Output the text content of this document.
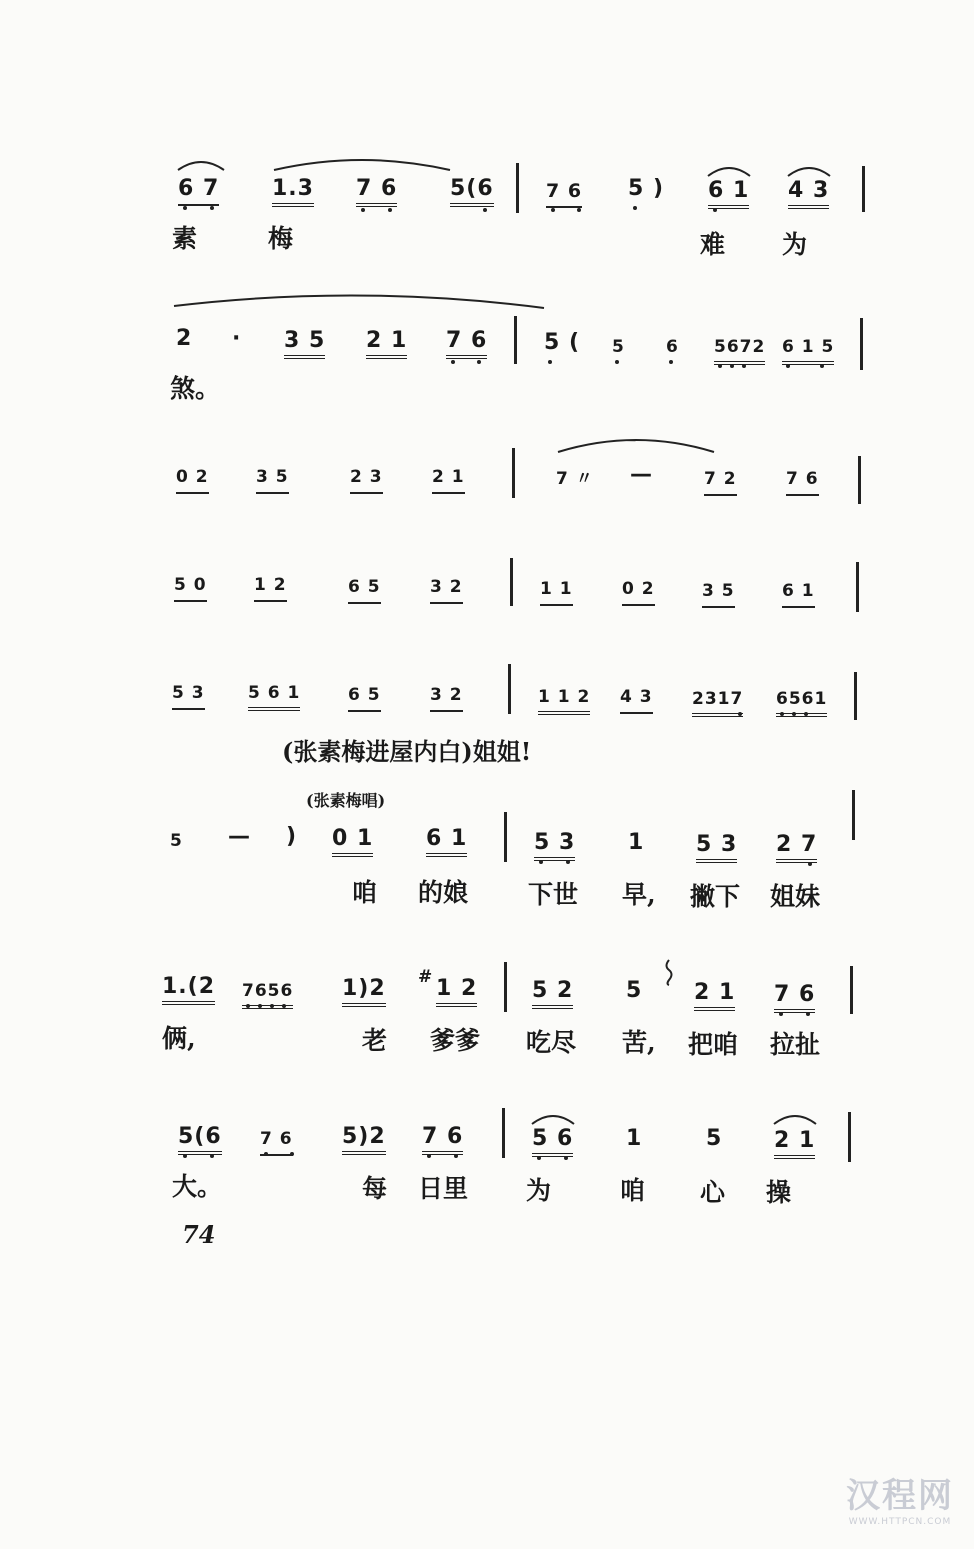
6 7 1.3 7 6 5(6	7 6 5 ) 6 1 4 3
素	梅	难 为
2 · 3 5 2 1 7 6	5 ( 5 6 5672 6 1 5
煞。
0 2	3 5	2 3	2 1	7 〃 —	7 2	7 6
5 0	1 2	6 5	3 2	1 1	0 2	3 5	6 1
5 3	5 6 1	6 5	3 2	1 1 2 4 3 2317 6561
(张素梅进屋内白)姐姐!
(张素梅唱)
5 — ) 0 1 6 1	5 3 1 5 3 2 7
咱 的娘 下世 早, 撇下 姐妹
1.(2 7656 1)2 # 1 2 5 2 5 2 1 7 6
俩,	老 爹爹 吃尽 苦, 把咱 拉扯
5(6 7 6 5)2 7 6	5 6 1	5 2 1
大。	每 日里 为	咱 心 操
74
汉程网
WWW.HTTPCN.COM
